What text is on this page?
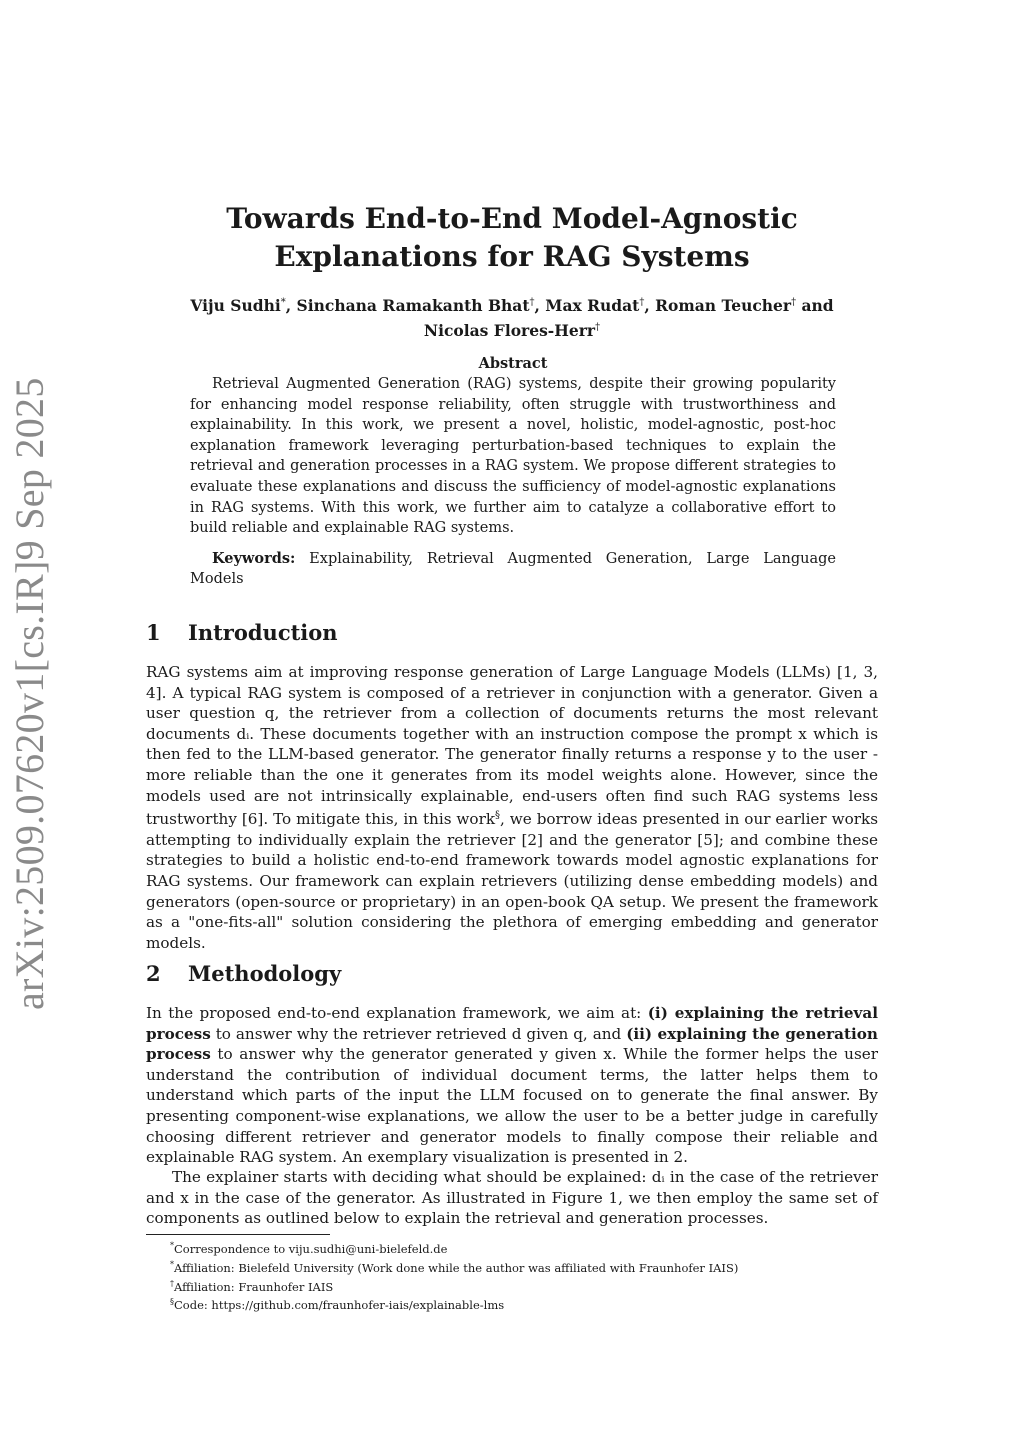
arXiv:2509.07620v1
[cs.IR]
9 Sep 2025
Towards End-to-End Model-Agnostic
Explanations for RAG Systems
Viju Sudhi*, Sinchana Ramakanth Bhat†, Max Rudat†, Roman Teucher† and
Nicolas Flores-Herr†
Abstract

Retrieval Augmented Generation (RAG) systems, despite their growing popularity for enhancing model response reliability, often struggle with trustworthiness and explainability. In this work, we present a novel, holistic, model-agnostic, post-hoc explanation framework leveraging perturbation-based techniques to explain the retrieval and generation processes in a RAG system. We propose different strategies to evaluate these explanations and discuss the sufficiency of model-agnostic explanations in RAG systems. With this work, we further aim to catalyze a collaborative effort to build reliable and explainable RAG systems.

Keywords: Explainability, Retrieval Augmented Generation, Large Language Models

1 Introduction

RAG systems aim at improving response generation of Large Language Models (LLMs) [1, 3, 4]. A typical RAG system is composed of a retriever in conjunction with a generator. Given a user question q, the retriever from a collection of documents returns the most relevant documents dᵢ. These documents together with an instruction compose the prompt x which is then fed to the LLM-based generator. The generator finally returns a response y to the user - more reliable than the one it generates from its model weights alone. However, since the models used are not intrinsically explainable, end-users often find such RAG systems less trustworthy [6]. To mitigate this, in this work§, we borrow ideas presented in our earlier works attempting to individually explain the retriever [2] and the generator [5]; and combine these strategies to build a holistic end-to-end framework towards model agnostic explanations for RAG systems. Our framework can explain retrievers (utilizing dense embedding models) and generators (open-source or proprietary) in an open-book QA setup. We present the framework as a "one-fits-all" solution considering the plethora of emerging embedding and generator models.

2 Methodology

In the proposed end-to-end explanation framework, we aim at: (i) explaining the retrieval process to answer why the retriever retrieved d given q, and (ii) explaining the generation process to answer why the generator generated y given x. While the former helps the user understand the contribution of individual document terms, the latter helps them to understand which parts of the input the LLM focused on to generate the final answer. By presenting component-wise explanations, we allow the user to be a better judge in carefully choosing different retriever and generator models to finally compose their reliable and explainable RAG system. An exemplary visualization is presented in 2.

The explainer starts with deciding what should be explained: dᵢ in the case of the retriever and x in the case of the generator. As illustrated in Figure 1, we then employ the same set of components as outlined below to explain the retrieval and generation processes.

*Correspondence to viju.sudhi@uni-bielefeld.de
*Affiliation: Bielefeld University (Work done while the author was affiliated with Fraunhofer IAIS)
†Affiliation: Fraunhofer IAIS
§Code: https://github.com/fraunhofer-iais/explainable-lms
